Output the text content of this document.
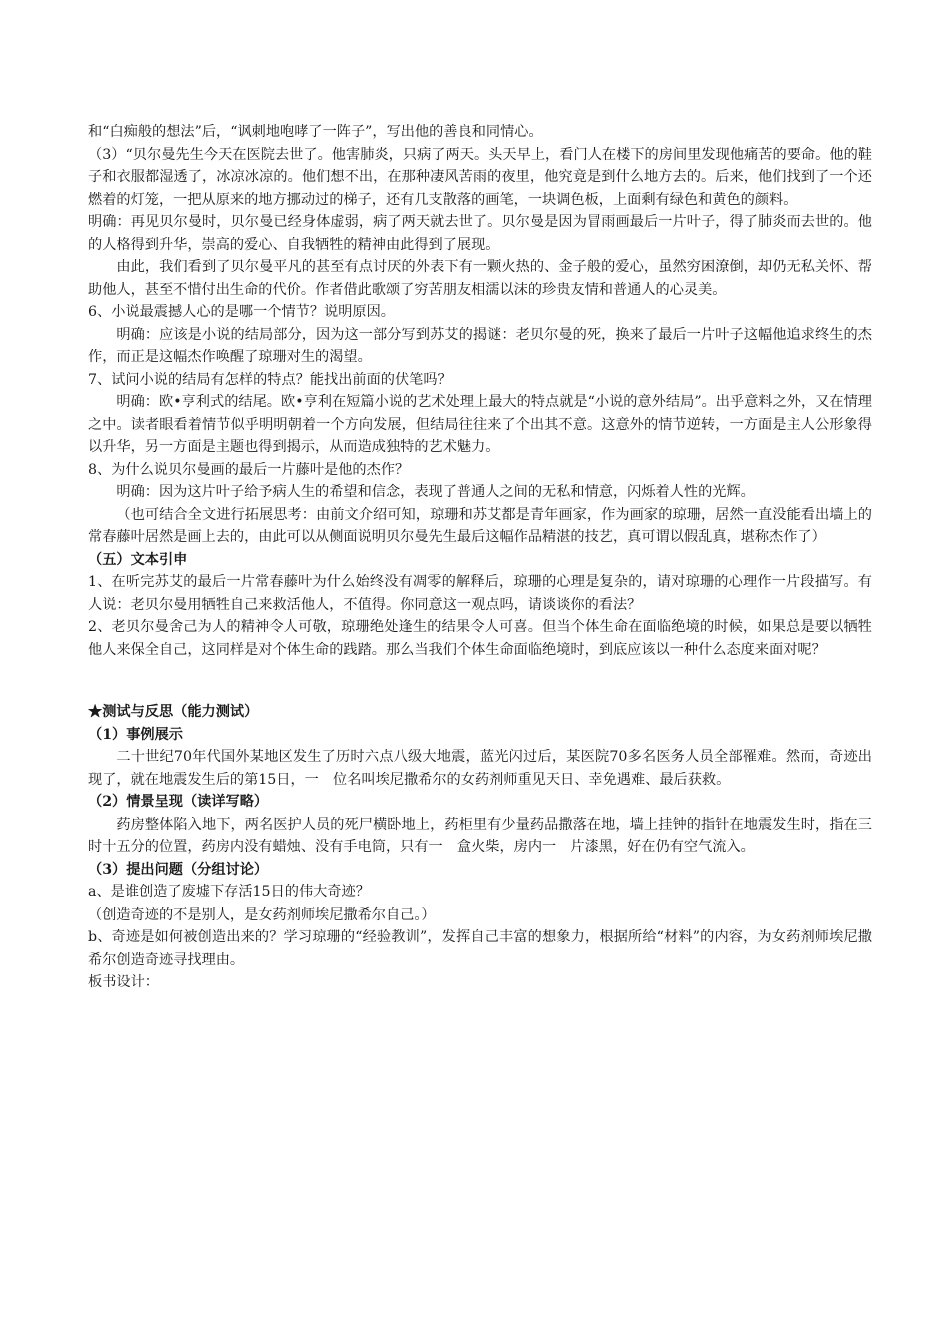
和“白痴般的想法”后，“讽刺地咆哮了一阵子”，写出他的善良和同情心。

（3）“贝尔曼先生今天在医院去世了。他害肺炎，只病了两天。头天早上，看门人在楼下的房间里发现他痛苦的要命。他的鞋子和衣服都湿透了，冰凉冰凉的。他们想不出，在那种凄风苦雨的夜里，他究竟是到什么地方去的。后来，他们找到了一个还燃着的灯笼，一把从原来的地方挪动过的梯子，还有几支散落的画笔，一块调色板，上面剩有绿色和黄色的颜料。

明确：再见贝尔曼时，贝尔曼已经身体虚弱，病了两天就去世了。贝尔曼是因为冒雨画最后一片叶子，得了肺炎而去世的。他的人格得到升华，崇高的爱心、自我牺牲的精神由此得到了展现。

由此，我们看到了贝尔曼平凡的甚至有点讨厌的外表下有一颗火热的、金子般的爱心，虽然穷困潦倒，却仍无私关怀、帮助他人，甚至不惜付出生命的代价。作者借此歌颂了穷苦朋友相濡以沫的珍贵友情和普通人的心灵美。

6、小说最震撼人心的是哪一个情节？说明原因。

明确：应该是小说的结局部分，因为这一部分写到苏艾的揭谜：老贝尔曼的死，换来了最后一片叶子这幅他追求终生的杰作，而正是这幅杰作唤醒了琼珊对生的渴望。

7、试问小说的结局有怎样的特点？能找出前面的伏笔吗？

明确：欧•亨利式的结尾。欧•亨利在短篇小说的艺术处理上最大的特点就是“小说的意外结局”。出乎意料之外，又在情理之中。读者眼看着情节似乎明明朝着一个方向发展，但结局往往来了个出其不意。这意外的情节逆转，一方面是主人公形象得以升华，另一方面是主题也得到揭示，从而造成独特的艺术魅力。

8、为什么说贝尔曼画的最后一片藤叶是他的杰作？

明确：因为这片叶子给予病人生的希望和信念，表现了普通人之间的无私和情意，闪烁着人性的光辉。

（也可结合全文进行拓展思考：由前文介绍可知，琼珊和苏艾都是青年画家，作为画家的琼珊，居然一直没能看出墙上的常春藤叶居然是画上去的，由此可以从侧面说明贝尔曼先生最后这幅作品精湛的技艺，真可谓以假乱真，堪称杰作了）

（五）文本引申

1、在听完苏艾的最后一片常春藤叶为什么始终没有凋零的解释后，琼珊的心理是复杂的，请对琼珊的心理作一片段描写。有人说：老贝尔曼用牺牲自己来救活他人，不值得。你同意这一观点吗，请谈谈你的看法？

2、老贝尔曼舍己为人的精神令人可敬，琼珊绝处逢生的结果令人可喜。但当个体生命在面临绝境的时候，如果总是要以牺牲他人来保全自己，这同样是对个体生命的践踏。那么当我们个体生命面临绝境时，到底应该以一种什么态度来面对呢？

★测试与反思（能力测试）

（1）事例展示

二十世纪70年代国外某地区发生了历时六点八级大地震，蓝光闪过后，某医院70多名医务人员全部罹难。然而，奇迹出现了，就在地震发生后的第15日，一　位名叫埃尼撒希尔的女药剂师重见天日、幸免遇难、最后获救。

（2）情景呈现（读详写略）

药房整体陷入地下，两名医护人员的死尸横卧地上，药柜里有少量药品撒落在地，墙上挂钟的指针在地震发生时，指在三时十五分的位置，药房内没有蜡烛、没有手电筒，只有一　盒火柴，房内一　片漆黑，好在仍有空气流入。

（3）提出问题（分组讨论）

a、是谁创造了废墟下存活15日的伟大奇迹？

（创造奇迹的不是别人，是女药剂师埃尼撒希尔自己。）

b、奇迹是如何被创造出来的？学习琼珊的“经验教训”，发挥自己丰富的想象力，根据所给“材料”的内容，为女药剂师埃尼撒希尔创造奇迹寻找理由。

板书设计：
